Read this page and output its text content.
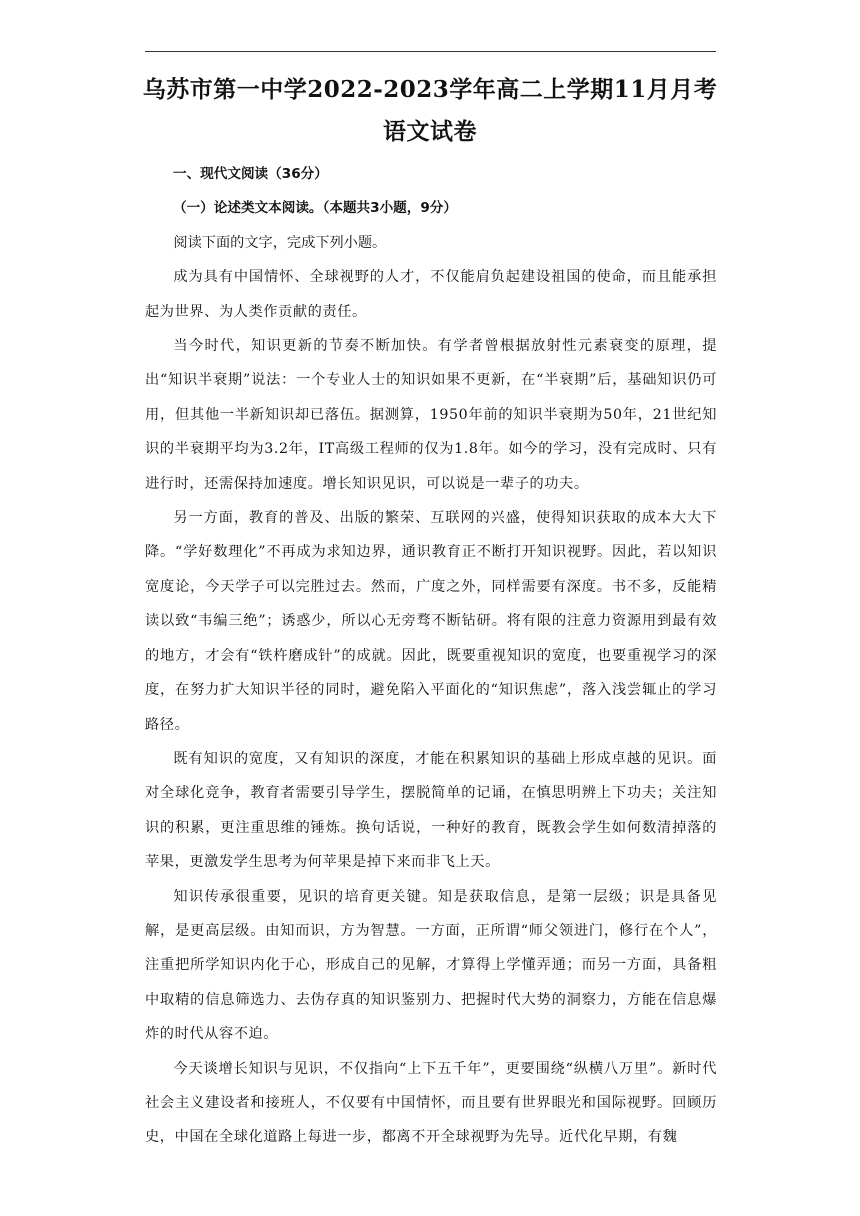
乌苏市第一中学2022-2023学年高二上学期11月月考
语文试卷

一、现代文阅读（36分）

（一）论述类文本阅读。（本题共3小题，9分）

阅读下面的文字，完成下列小题。

成为具有中国情怀、全球视野的人才，不仅能肩负起建设祖国的使命，而且能承担起为世界、为人类作贡献的责任。

当今时代，知识更新的节奏不断加快。有学者曾根据放射性元素衰变的原理，提出“知识半衰期”说法：一个专业人士的知识如果不更新，在“半衰期”后，基础知识仍可用，但其他一半新知识却已落伍。据测算，1950年前的知识半衰期为50年，21世纪知识的半衰期平均为3.2年，IT高级工程师的仅为1.8年。如今的学习，没有完成时、只有进行时，还需保持加速度。增长知识见识，可以说是一辈子的功夫。

另一方面，教育的普及、出版的繁荣、互联网的兴盛，使得知识获取的成本大大下降。“学好数理化”不再成为求知边界，通识教育正不断打开知识视野。因此，若以知识宽度论，今天学子可以完胜过去。然而，广度之外，同样需要有深度。书不多，反能精读以致“韦编三绝”；诱惑少，所以心无旁骛不断钻研。将有限的注意力资源用到最有效的地方，才会有“铁杵磨成针”的成就。因此，既要重视知识的宽度，也要重视学习的深度，在努力扩大知识半径的同时，避免陷入平面化的“知识焦虑”，落入浅尝辄止的学习路径。

既有知识的宽度，又有知识的深度，才能在积累知识的基础上形成卓越的见识。面对全球化竞争，教育者需要引导学生，摆脱简单的记诵，在慎思明辨上下功夫；关注知识的积累，更注重思维的锤炼。换句话说，一种好的教育，既教会学生如何数清掉落的苹果，更激发学生思考为何苹果是掉下来而非飞上天。

知识传承很重要，见识的培育更关键。知是获取信息，是第一层级；识是具备见解，是更高层级。由知而识，方为智慧。一方面，正所谓“师父领进门，修行在个人”，注重把所学知识内化于心，形成自己的见解，才算得上学懂弄通；而另一方面，具备粗中取精的信息筛选力、去伪存真的知识鉴别力、把握时代大势的洞察力，方能在信息爆炸的时代从容不迫。

今天谈增长知识与见识，不仅指向“上下五千年”，更要围绕“纵横八万里”。新时代社会主义建设者和接班人，不仅要有中国情怀，而且要有世界眼光和国际视野。回顾历史，中国在全球化道路上每进一步，都离不开全球视野为先导。近代化早期，有魏
